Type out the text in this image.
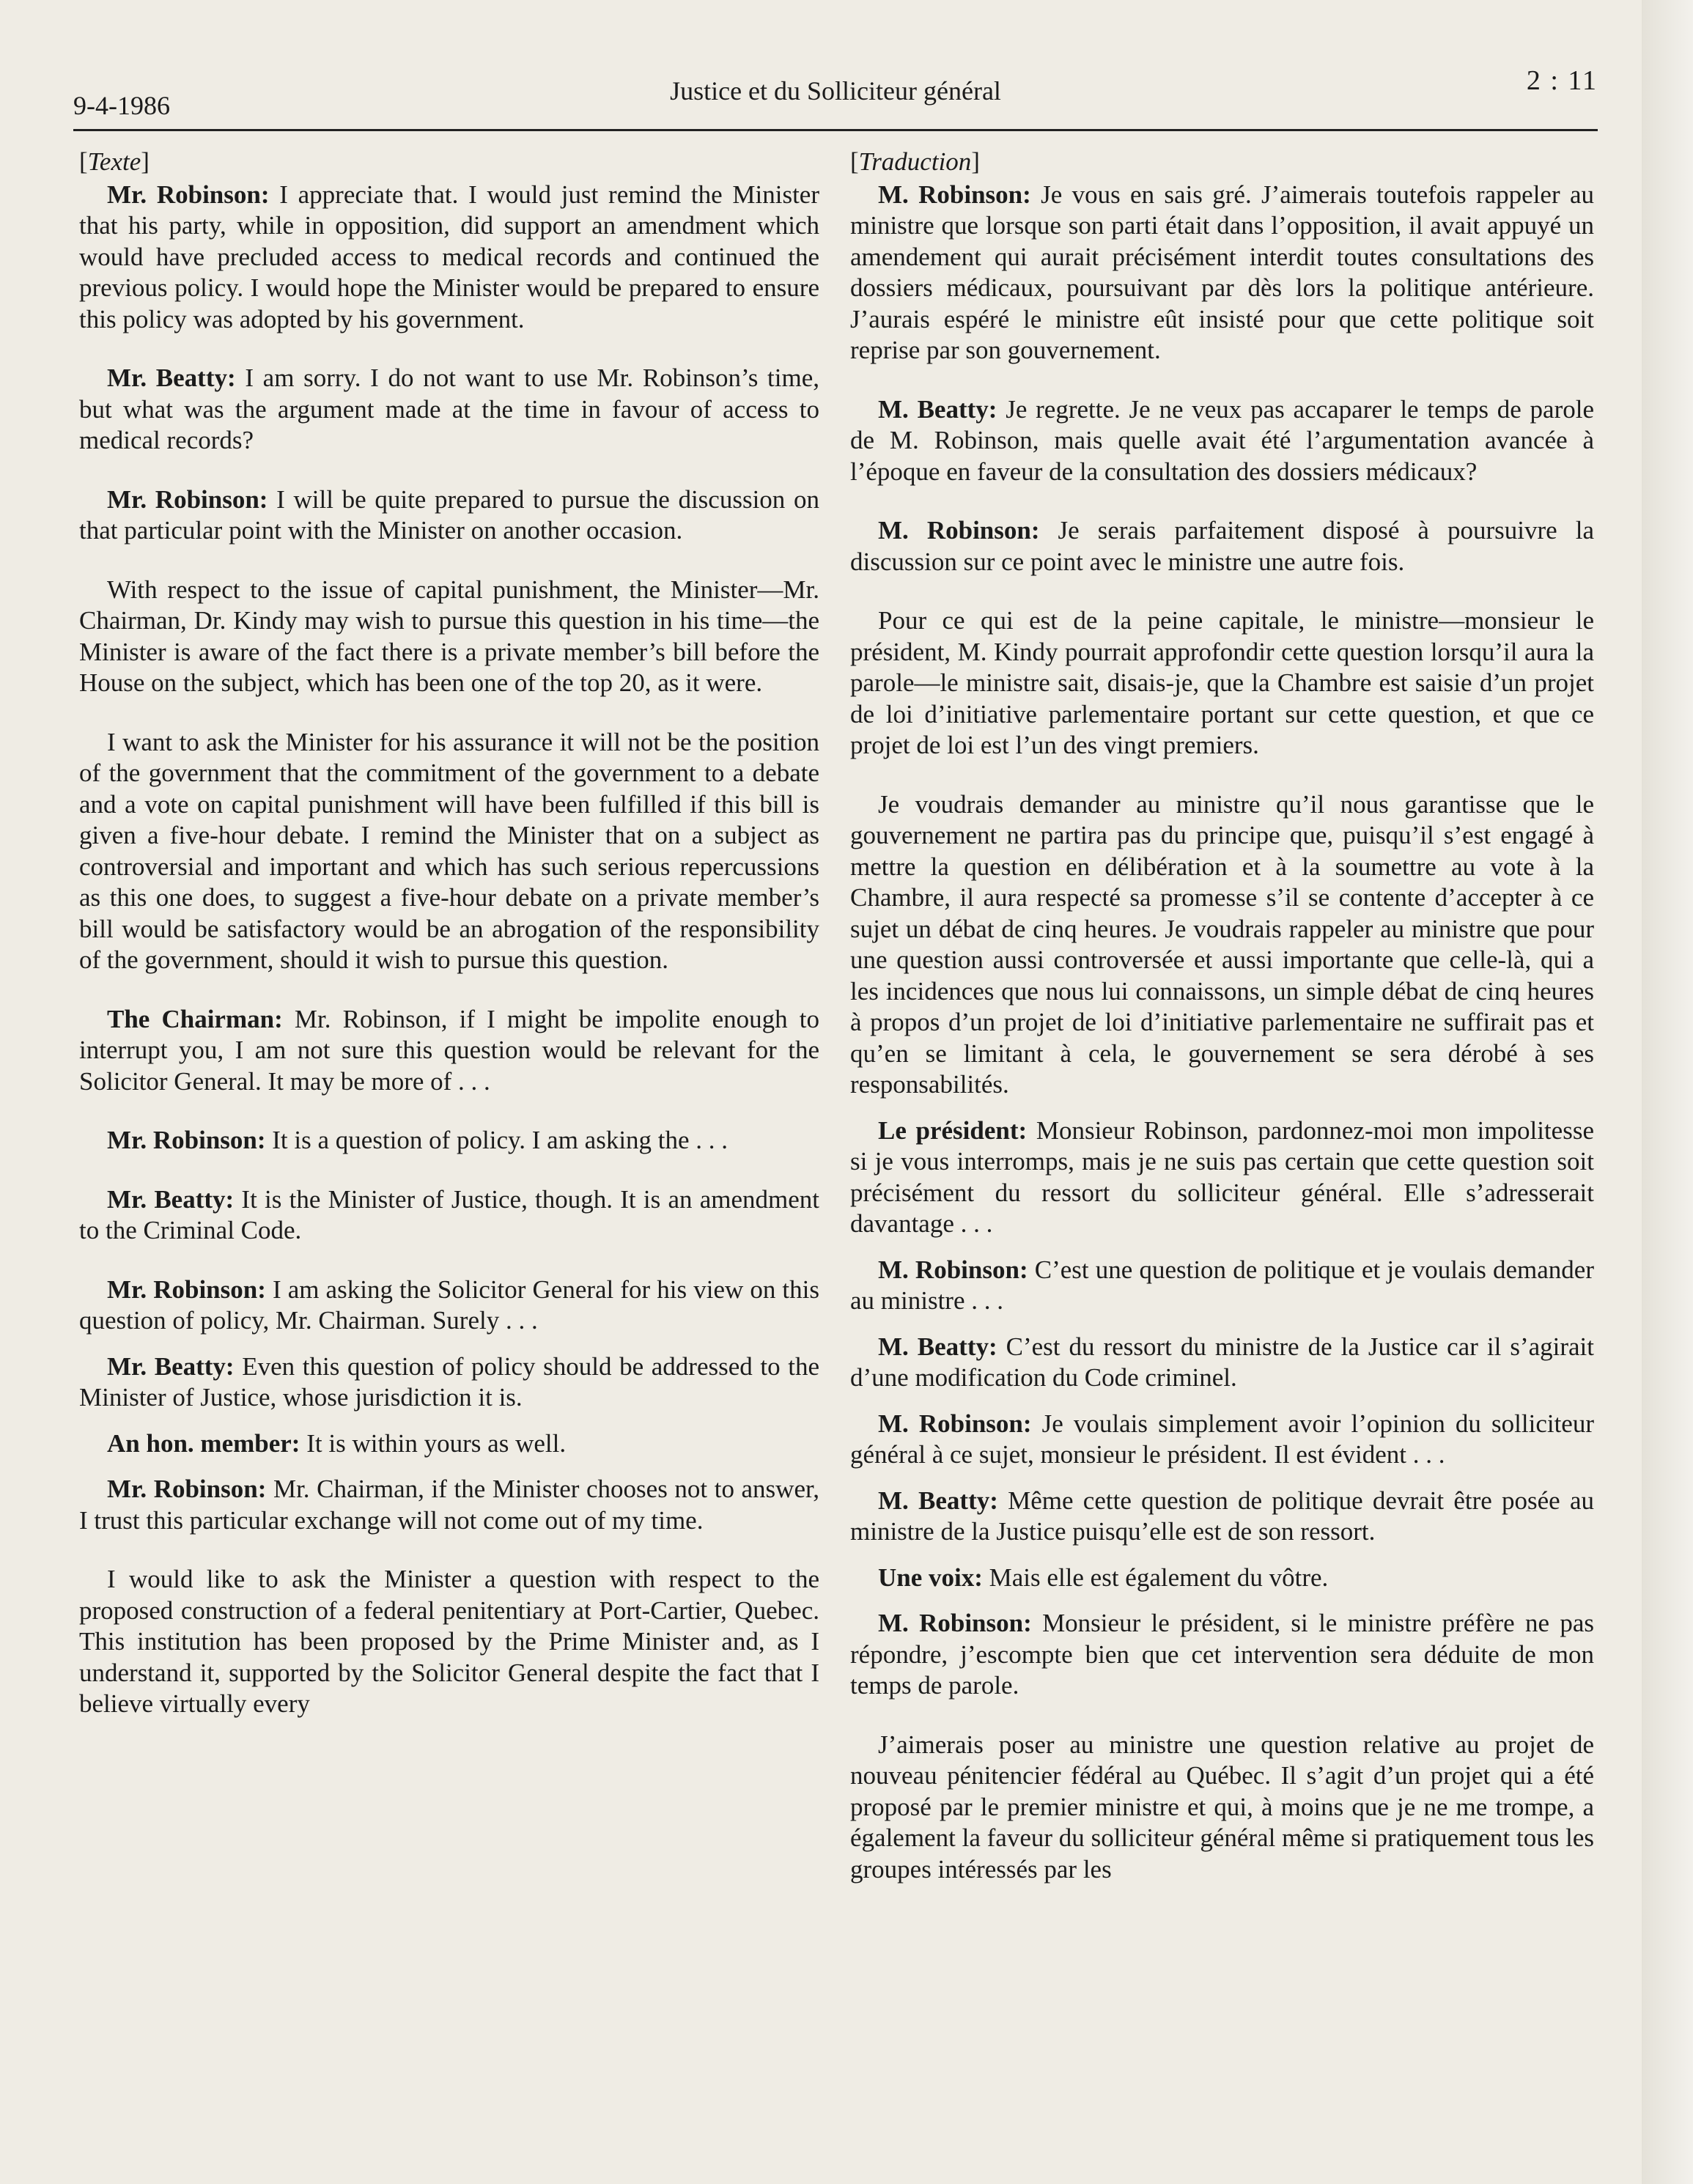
9-4-1986	Justice et du Solliciteur général	2 : 11
[Texte]

Mr. Robinson: I appreciate that. I would just remind the Minister that his party, while in opposition, did support an amendment which would have precluded access to medical records and continued the previous policy. I would hope the Minister would be prepared to ensure this policy was adopted by his government.

Mr. Beatty: I am sorry. I do not want to use Mr. Robinson’s time, but what was the argument made at the time in favour of access to medical records?

Mr. Robinson: I will be quite prepared to pursue the discussion on that particular point with the Minister on another occasion.

With respect to the issue of capital punishment, the Minister—Mr. Chairman, Dr. Kindy may wish to pursue this question in his time—the Minister is aware of the fact there is a private member’s bill before the House on the subject, which has been one of the top 20, as it were.

I want to ask the Minister for his assurance it will not be the position of the government that the commitment of the government to a debate and a vote on capital punishment will have been fulfilled if this bill is given a five-hour debate. I remind the Minister that on a subject as controversial and important and which has such serious repercussions as this one does, to suggest a five-hour debate on a private member’s bill would be satisfactory would be an abrogation of the responsibility of the government, should it wish to pursue this question.

The Chairman: Mr. Robinson, if I might be impolite enough to interrupt you, I am not sure this question would be relevant for the Solicitor General. It may be more of . . .

Mr. Robinson: It is a question of policy. I am asking the . . .

Mr. Beatty: It is the Minister of Justice, though. It is an amendment to the Criminal Code.

Mr. Robinson: I am asking the Solicitor General for his view on this question of policy, Mr. Chairman. Surely . . .

Mr. Beatty: Even this question of policy should be addressed to the Minister of Justice, whose jurisdiction it is.

An hon. member: It is within yours as well.

Mr. Robinson: Mr. Chairman, if the Minister chooses not to answer, I trust this particular exchange will not come out of my time.

I would like to ask the Minister a question with respect to the proposed construction of a federal penitentiary at Port-Cartier, Quebec. This institution has been proposed by the Prime Minister and, as I understand it, supported by the Solicitor General despite the fact that I believe virtually every

[Traduction]

M. Robinson: Je vous en sais gré. J’aimerais toutefois rappeler au ministre que lorsque son parti était dans l’opposition, il avait appuyé un amendement qui aurait précisément interdit toutes consultations des dossiers médicaux, poursuivant par dès lors la politique antérieure. J’aurais espéré le ministre eût insisté pour que cette politique soit reprise par son gouvernement.

M. Beatty: Je regrette. Je ne veux pas accaparer le temps de parole de M. Robinson, mais quelle avait été l’argumentation avancée à l’époque en faveur de la consultation des dossiers médicaux?

M. Robinson: Je serais parfaitement disposé à poursuivre la discussion sur ce point avec le ministre une autre fois.

Pour ce qui est de la peine capitale, le ministre—monsieur le président, M. Kindy pourrait approfondir cette question lorsqu’il aura la parole—le ministre sait, disais-je, que la Chambre est saisie d’un projet de loi d’initiative parlementaire portant sur cette question, et que ce projet de loi est l’un des vingt premiers.

Je voudrais demander au ministre qu’il nous garantisse que le gouvernement ne partira pas du principe que, puisqu’il s’est engagé à mettre la question en délibération et à la soumettre au vote à la Chambre, il aura respecté sa promesse s’il se contente d’accepter à ce sujet un débat de cinq heures. Je voudrais rappeler au ministre que pour une question aussi controversée et aussi importante que celle-là, qui a les incidences que nous lui connaissons, un simple débat de cinq heures à propos d’un projet de loi d’initiative parlementaire ne suffirait pas et qu’en se limitant à cela, le gouvernement se sera dérobé à ses responsabilités.

Le président: Monsieur Robinson, pardonnez-moi mon impolitesse si je vous interromps, mais je ne suis pas certain que cette question soit précisément du ressort du solliciteur général. Elle s’adresserait davantage . . .

M. Robinson: C’est une question de politique et je voulais demander au ministre . . .

M. Beatty: C’est du ressort du ministre de la Justice car il s’agirait d’une modification du Code criminel.

M. Robinson: Je voulais simplement avoir l’opinion du solliciteur général à ce sujet, monsieur le président. Il est évident . . .

M. Beatty: Même cette question de politique devrait être posée au ministre de la Justice puisqu’elle est de son ressort.

Une voix: Mais elle est également du vôtre.

M. Robinson: Monsieur le président, si le ministre préfère ne pas répondre, j’escompte bien que cet intervention sera déduite de mon temps de parole.

J’aimerais poser au ministre une question relative au projet de nouveau pénitencier fédéral au Québec. Il s’agit d’un projet qui a été proposé par le premier ministre et qui, à moins que je ne me trompe, a également la faveur du solliciteur général même si pratiquement tous les groupes intéressés par les
